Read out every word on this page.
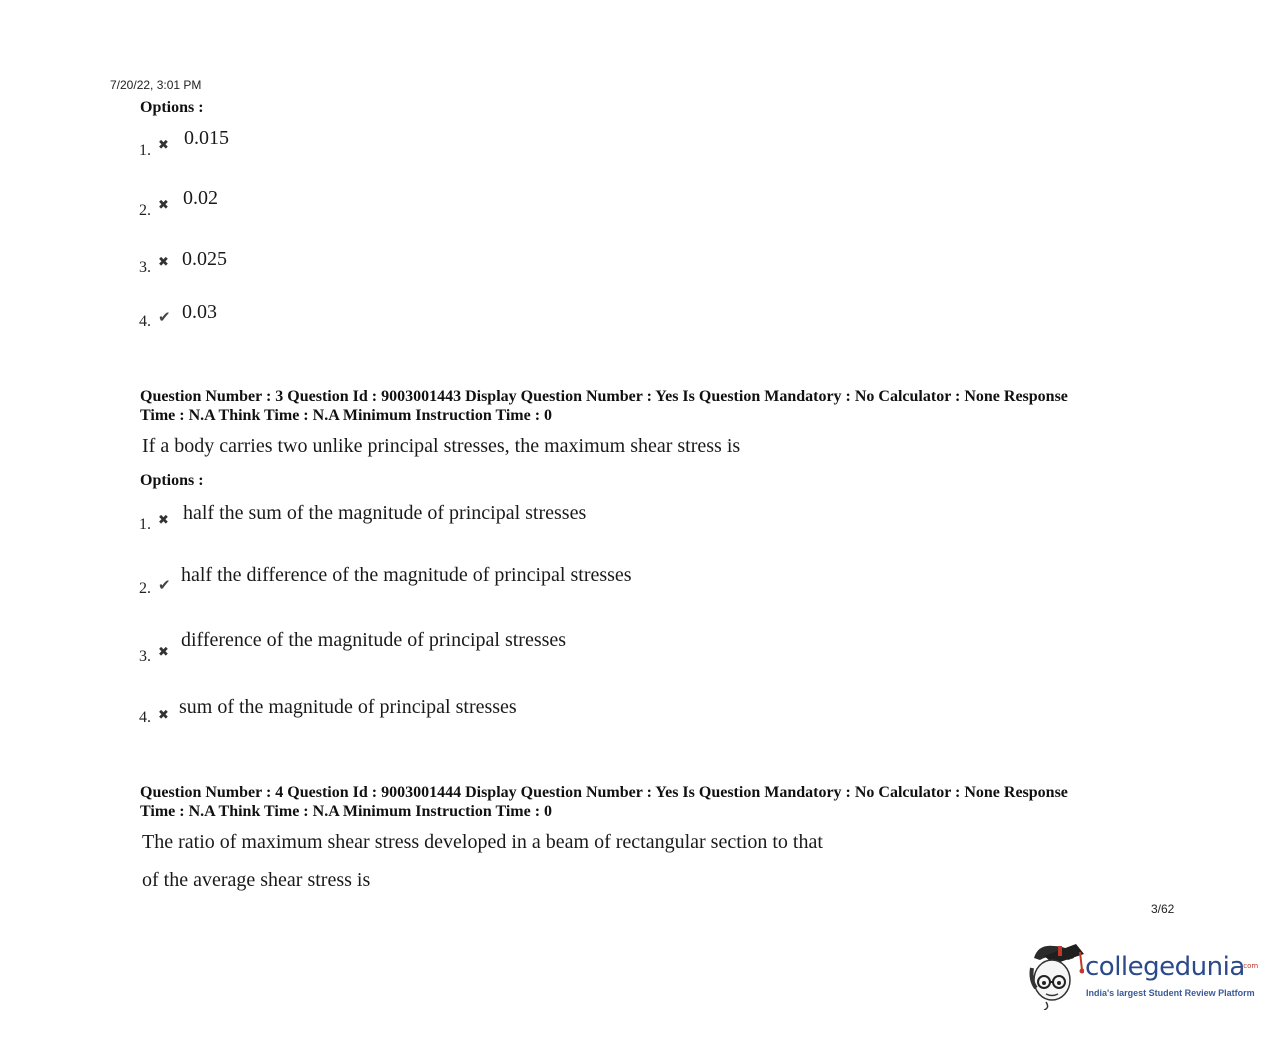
7/20/22, 3:01 PM
Options :
1. ✖ 0.015
2. ✖ 0.02
3. ✖ 0.025
4. ✔ 0.03
Question Number : 3 Question Id : 9003001443 Display Question Number : Yes Is Question Mandatory : No Calculator : None Response
Time : N.A Think Time : N.A Minimum Instruction Time : 0
If a body carries two unlike principal stresses, the maximum shear stress is
Options :
1. ✖ half the sum of the magnitude of principal stresses
2. ✔ half the difference of the magnitude of principal stresses
3. ✖
difference of the magnitude of principal stresses
4. ✖ sum of the magnitude of principal stresses
Question Number : 4 Question Id : 9003001444 Display Question Number : Yes Is Question Mandatory : No Calculator : None Response
Time : N.A Think Time : N.A Minimum Instruction Time : 0
The ratio of maximum shear stress developed in a beam of rectangular section to that
of the average shear stress is
3/62
collegedunia
.com
India's largest Student Review Platform
